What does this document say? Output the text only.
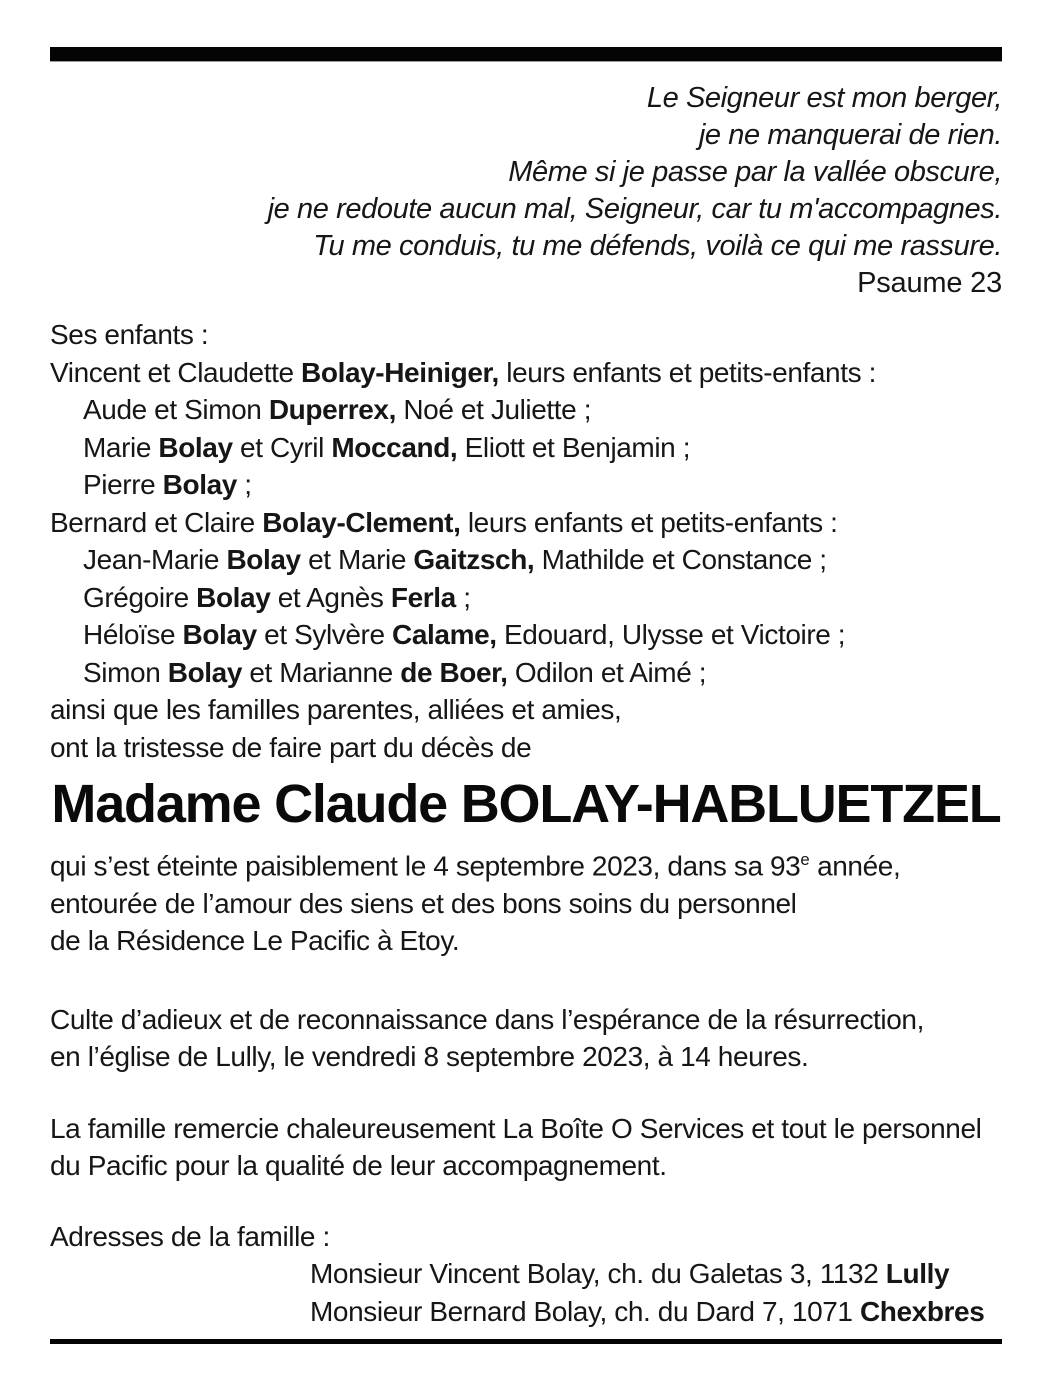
Le Seigneur est mon berger,
je ne manquerai de rien.
Même si je passe par la vallée obscure,
je ne redoute aucun mal, Seigneur, car tu m'accompagnes.
Tu me conduis, tu me défends, voilà ce qui me rassure.
Psaume 23
Ses enfants :
Vincent et Claudette Bolay-Heiniger, leurs enfants et petits-enfants :
Aude et Simon Duperrex, Noé et Juliette ;
Marie Bolay et Cyril Moccand, Eliott et Benjamin ;
Pierre Bolay ;
Bernard et Claire Bolay-Clement, leurs enfants et petits-enfants :
Jean-Marie Bolay et Marie Gaitzsch, Mathilde et Constance ;
Grégoire Bolay et Agnès Ferla ;
Héloïse Bolay et Sylvère Calame, Edouard, Ulysse et Victoire ;
Simon Bolay et Marianne de Boer, Odilon et Aimé ;
ainsi que les familles parentes, alliées et amies,
ont la tristesse de faire part du décès de
Madame Claude BOLAY-HABLUETZEL
qui s’est éteinte paisiblement le 4 septembre 2023, dans sa 93e année,
entourée de l’amour des siens et des bons soins du personnel
de la Résidence Le Pacific à Etoy.
Culte d’adieux et de reconnaissance dans l’espérance de la résurrection,
en l’église de Lully, le vendredi 8 septembre 2023, à 14 heures.
La famille remercie chaleureusement La Boîte O Services et tout le personnel
du Pacific pour la qualité de leur accompagnement.
Adresses de la famille :
Monsieur Vincent Bolay, ch. du Galetas 3, 1132 Lully
Monsieur Bernard Bolay, ch. du Dard 7, 1071 Chexbres
